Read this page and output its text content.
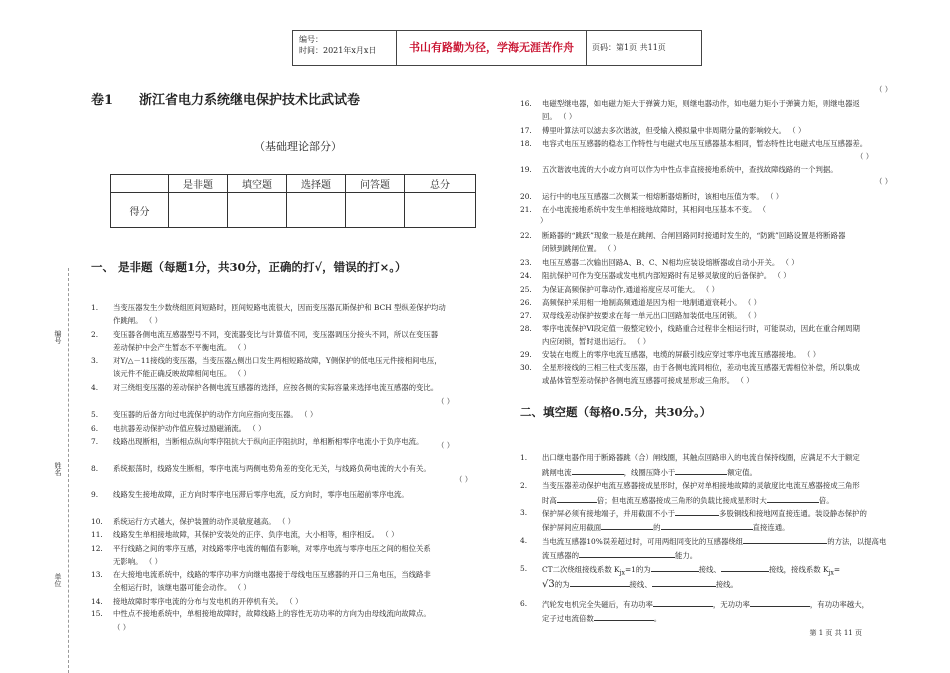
编号：
时间：2021年x月x日	书山有路勤为径，学海无涯苦作舟	页码：第1页 共11页
卷1 浙江省电力系统继电保护技术比武试卷
（基础理论部分）
	是非题	填空题	选择题	问答题	总分
得分					
编号
姓名
单位
一、 是非题（每题1分，共30分，正确的打√，错误的打×。）
1. 当变压器发生少数绕组匝间短路时，匝间短路电流很大，因而变压器瓦斯保护和 BCH 型纵差保护均动
作跳闸。 （ ）
2. 变压器各侧电流互感器型号不同，变流器变比与计算值不同，变压器调压分接头不同，所以在变压器
差动保护中会产生暂态不平衡电流。 （ ）
3. 对Y/△－11接线的变压器，当变压器△侧出口发生两相短路故障，Y侧保护的低电压元件接相间电压，
该元件不能正确反映故障相间电压。 （ ）
4. 对三绕组变压器的差动保护各侧电流互感器的选择，应按各侧的实际容量来选择电流互感器的变比。
5. 变压器的后备方向过电流保护的动作方向应指向变压器。 （ ）
6. 电抗器差动保护动作值应躲过励磁涌流。 （ ）
7. 线路出现断相，当断相点纵向零序阻抗大于纵向正序阻抗时，单相断相零序电流小于负序电流。
8. 系统振荡时，线路发生断相，零序电流与两侧电势角差的变化无关，与线路负荷电流的大小有关。
9. 线路发生接地故障，正方向时零序电压滞后零序电流，反方向时，零序电压超前零序电流。
10. 系统运行方式越大，保护装置的动作灵敏度越高。 （ ）
11. 线路发生单相接地故障，其保护安装处的正序、负序电流，大小相等，相序相反。 （ ）
12. 平行线路之间的零序互感，对线路零序电流的幅值有影响，对零序电流与零序电压之间的相位关系
无影响。 （ ）
13. 在大接地电流系统中，线路的零序功率方向继电器接于母线电压互感器的开口三角电压，当线路非
全相运行时，该继电器可能会动作。 （ ）
14. 接地故障时零序电流的分布与发电机的开停机有关。 （ ）
15. 中性点不接地系统中，单相接地故障时，故障线路上的容性无功功率的方向为由母线流向故障点。
（ ）
（ ）
（ ）
（ ）
（ ）
16. 电磁型继电器，如电磁力矩大于弹簧力矩，则继电器动作，如电磁力矩小于弹簧力矩，则继电器返
回。 （ ）
17. 傅里叶算法可以滤去多次谐波，但受输入模拟量中非周期分量的影响较大。 （ ）
18. 电容式电压互感器的稳态工作特性与电磁式电压互感器基本相同，暂态特性比电磁式电压互感器差。
19. 五次谐波电流的大小或方向可以作为中性点非直接接地系统中，查找故障线路的一个判据。
20. 运行中的电压互感器二次侧某一相熔断器熔断时，该相电压值为零。 （ ）
21. 在小电流接地系统中发生单相接地故障时，其相间电压基本不变。 （
22. 断路器的“跳跃”现象一般是在跳闸、合闸回路同时接通时发生的，“防跳”回路设置是将断路器
闭锁到跳闸位置。 （ ）
23. 电压互感器二次输出回路A、B、C、N相均应装设熔断器或自动小开关。 （ ）
24. 阻抗保护可作为变压器或发电机内部短路时有足够灵敏度的后备保护。 （ ）
25. 为保证高频保护可靠动作,通道裕度应尽可能大。 （ ）
26. 高频保护采用相一地制高频通道是因为相一地制通道衰耗小。 （ ）
27. 双母线差动保护按要求在每一单元出口回路加装低电压闭锁。 （ ）
28. 零序电流保护Ⅵ段定值一般整定较小，线路重合过程非全相运行时，可能误动，因此在重合闸周期
内应闭锁，暂时退出运行。 （ ）
29. 安装在电缆上的零序电流互感器，电缆的屏蔽引线应穿过零序电流互感器接地。 （ ）
30. 全星形接线的三相三柱式变压器，由于各侧电流同相位，差动电流互感器无需相位补偿，所以集成
或晶体管型差动保护各侧电流互感器可接成星形或三角形。 （ ）
（ ）
（ ）
）
二、填空题（每格0.5分，共30分。）
1. 出口继电器作用于断路器跳（合）闸线圈，其触点回路串入的电流自保持线圈，应满足不大于额定
跳闸电流	，线圈压降小于	额定值。
2. 当变压器差动保护电流互感器接成星形时，保护对单相接地故障的灵敏度比电流互感器接成三角形
时高	倍；但电流互感器接成三角形的负载比接成星形时大	倍。
3. 保护屏必须有接地端子，并用截面不小于	多股铜线和接地网直接连通。装设静态保护的
保护屏间应用截面	的	直接连通。
4. 当电流互感器10%误差超过时，可用两组同变比的互感器绕组	的方法，以提高电
流互感器的	能力。
5. CT二次绕组接线系数 $K_{jx}=1$的为	接线、	接线，接线系数 $K_{jx}=$
√3的为	接线、	接线。
6. 汽轮发电机完全失磁后，有功功率	，无功功率	，有功功率越大，
定子过电流倍数	。
第 1 页 共 11 页
